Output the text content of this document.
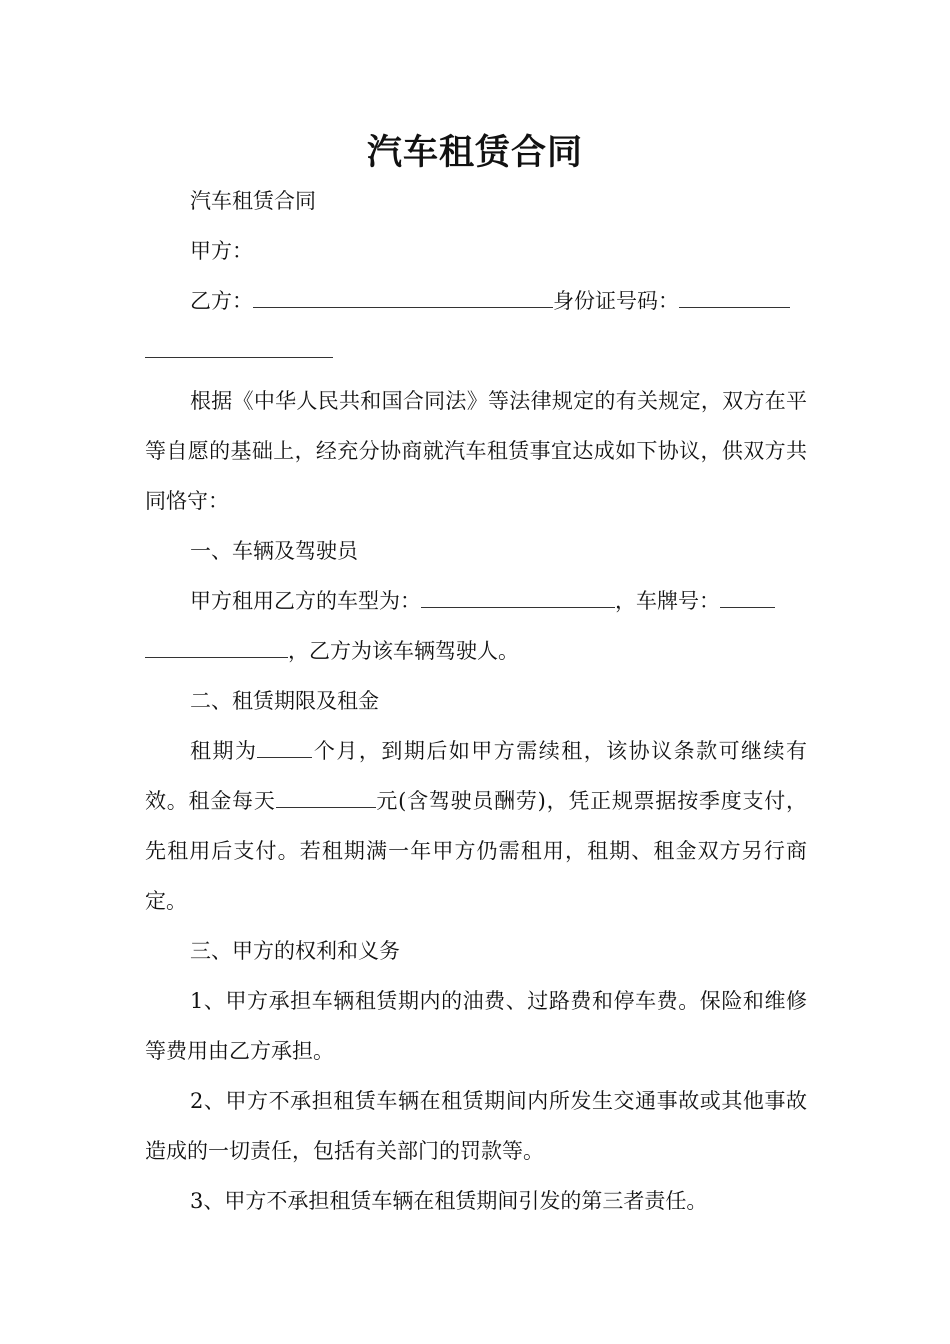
汽车租赁合同

汽车租赁合同

甲方：

乙方：	身份证号码：

根据《中华人民共和国合同法》等法律规定的有关规定，双方在平等自愿的基础上，经充分协商就汽车租赁事宜达成如下协议，供双方共同恪守：

一、车辆及驾驶员

甲方租用乙方的车型为：	，车牌号：
，乙方为该车辆驾驶人。

二、租赁期限及租金

租期为	个月，到期后如甲方需续租，该协议条款可继续有效。租金每天	元(含驾驶员酬劳)，凭正规票据按季度支付，先租用后支付。若租期满一年甲方仍需租用，租期、租金双方另行商定。

三、甲方的权利和义务

1、甲方承担车辆租赁期内的油费、过路费和停车费。保险和维修等费用由乙方承担。

2、甲方不承担租赁车辆在租赁期间内所发生交通事故或其他事故造成的一切责任，包括有关部门的罚款等。

3、甲方不承担租赁车辆在租赁期间引发的第三者责任。
